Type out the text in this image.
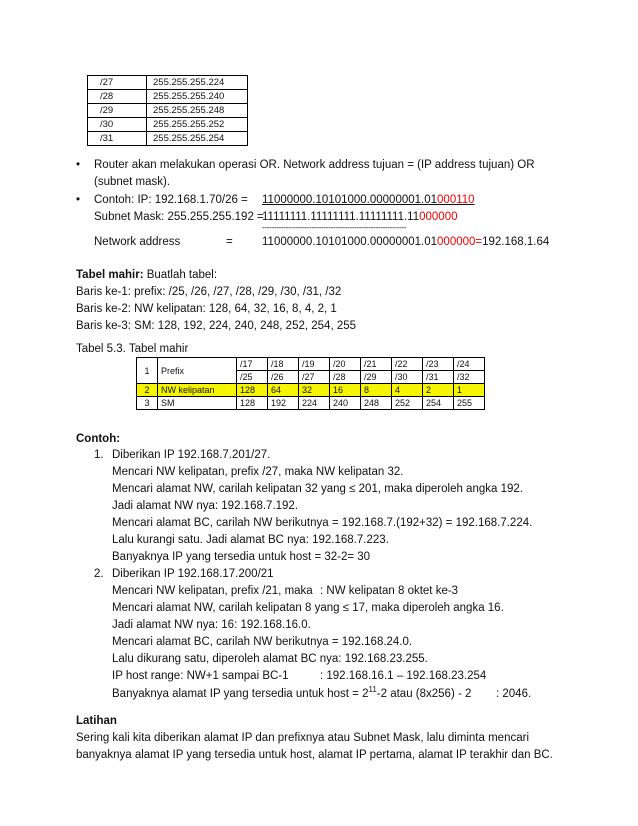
/27	255.255.255.224
/28	255.255.255.240
/29	255.255.255.248
/30	255.255.255.252
/31	255.255.255.254
• Router akan melakukan operasi OR. Network address tujuan = (IP address tujuan) OR
(subnet mask).
• Contoh: IP: 192.168.1.70/26 = 11000000.10101000.00000001.01000110
Subnet Mask: 255.255.255.192 =
11111111.11111111.11111111.11000000
-------------------------------------------------------------
Network address	=	11000000.10101000.00000001.01000000=192.168.1.64
Tabel mahir: Buatlah tabel:
Baris ke-1: prefix: /25, /26, /27, /28, /29, /30, /31, /32
Baris ke-2: NW kelipatan: 128, 64, 32, 16, 8, 4, 2, 1
Baris ke-3: SM: 128, 192, 224, 240, 248, 252, 254, 255
Tabel 5.3. Tabel mahir
1	Prefix	/17	/18	/19	/20	/21	/22	/23	/24
		/25	/26	/27	/28	/29	/30	/31	/32
2	NW kelipatan	128	64	32	16	8	4	2	1
3	SM	128	192	224	240	248	252	254	255
Contoh:
1. Diberikan IP 192.168.7.201/27.
Mencari NW kelipatan, prefix /27, maka NW kelipatan 32.
Mencari alamat NW, carilah kelipatan 32 yang ≤ 201, maka diperoleh angka 192.
Jadi alamat NW nya: 192.168.7.192.
Mencari alamat BC, carilah NW berikutnya = 192.168.7.(192+32) = 192.168.7.224.
Lalu kurangi satu. Jadi alamat BC nya: 192.168.7.223.
Banyaknya IP yang tersedia untuk host = 32-2= 30
2. Diberikan IP 192.168.17.200/21
Mencari NW kelipatan, prefix /21, maka : NW kelipatan 8 oktet ke-3
Mencari alamat NW, carilah kelipatan 8 yang ≤ 17, maka diperoleh angka 16.
Jadi alamat NW nya: 16: 192.168.16.0.
Mencari alamat BC, carilah NW berikutnya = 192.168.24.0.
Lalu dikurang satu, diperoleh alamat BC nya: 192.168.23.255.
IP host range: NW+1 sampai BC-1	: 192.168.16.1 – 192.168.23.254
Banyaknya alamat IP yang tersedia untuk host = $2^{11}-2$ atau (8x256) - 2 : 2046.
Latihan
Sering kali kita diberikan alamat IP dan prefixnya atau Subnet Mask, lalu diminta mencari
banyaknya alamat IP yang tersedia untuk host, alamat IP pertama, alamat IP terakhir dan BC.
